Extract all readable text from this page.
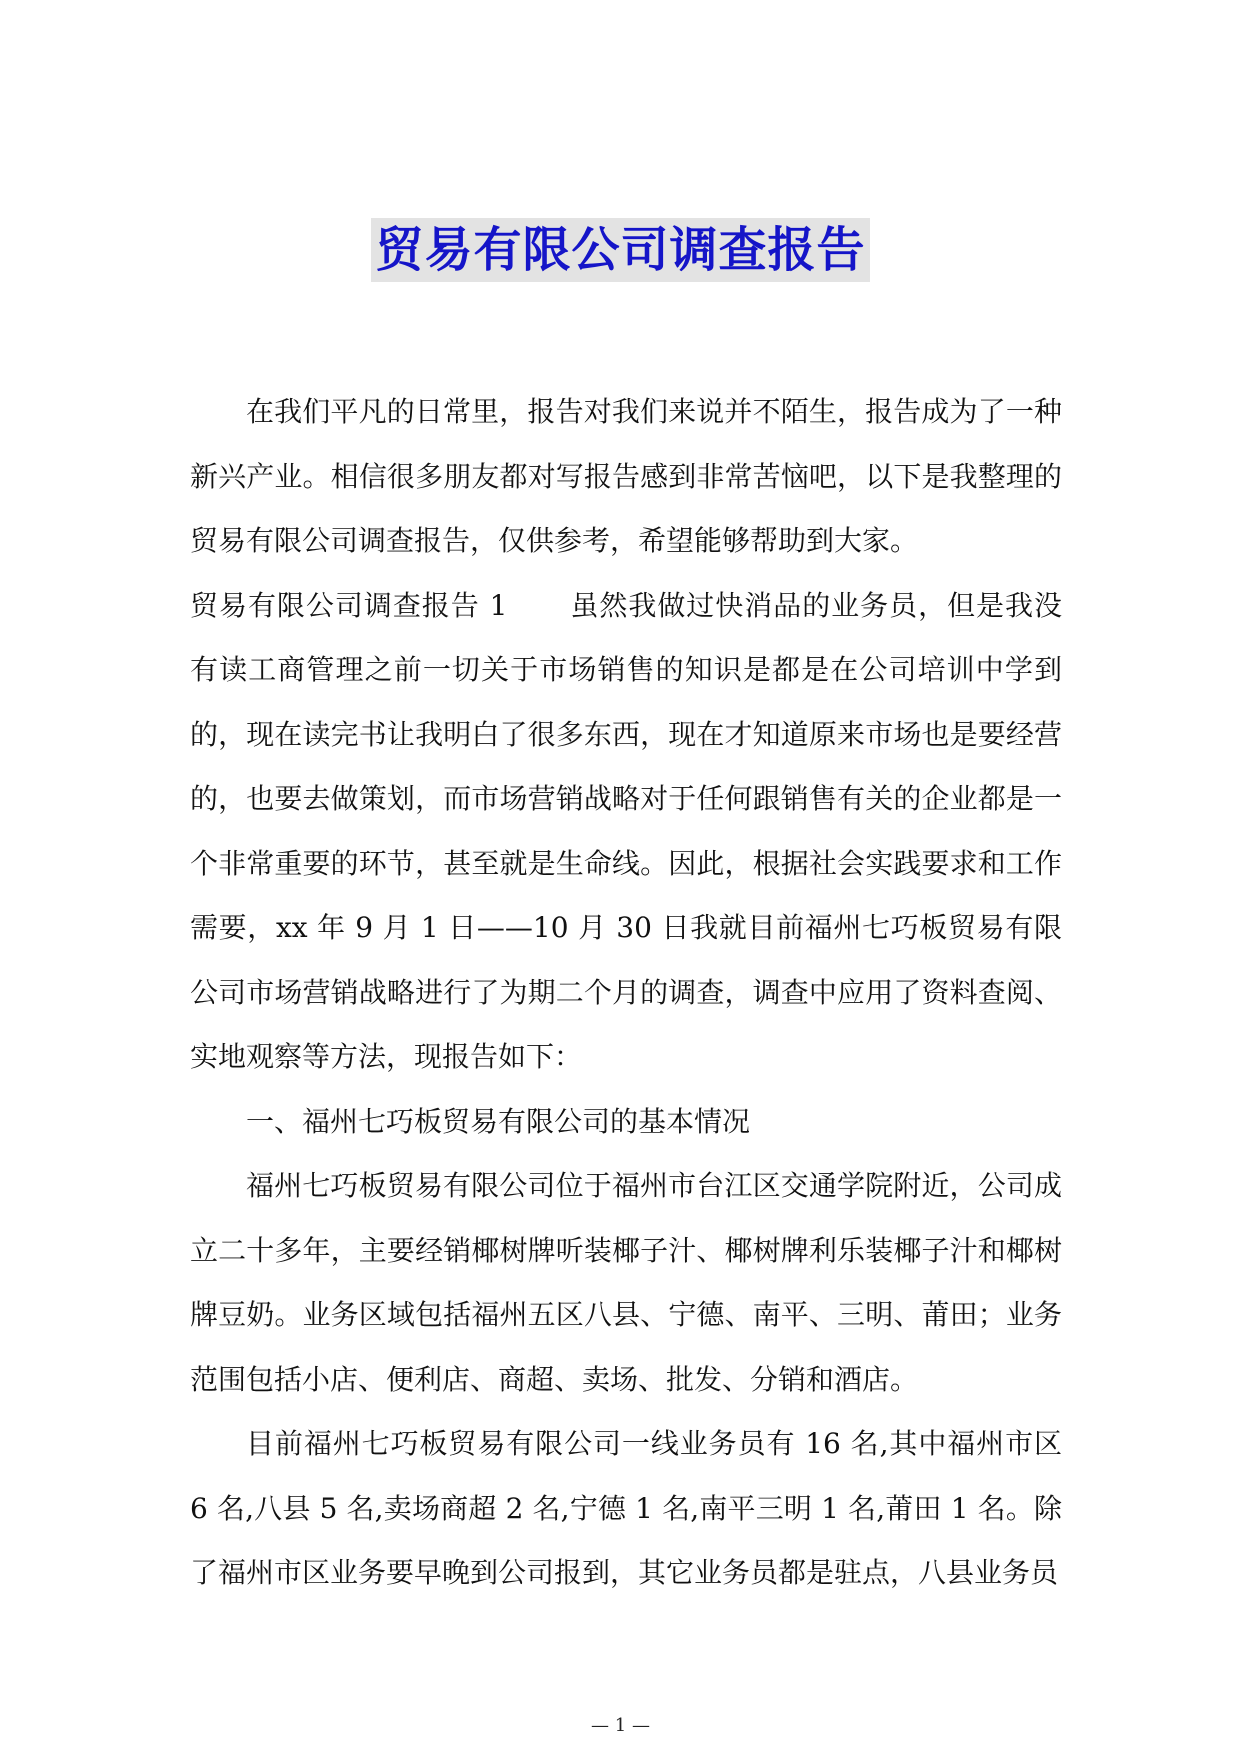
贸易有限公司调查报告

在我们平凡的日常里，报告对我们来说并不陌生，报告成为了一种新兴产业。相信很多朋友都对写报告感到非常苦恼吧，以下是我整理的贸易有限公司调查报告，仅供参考，希望能够帮助到大家。

贸易有限公司调查报告 1 虽然我做过快消品的业务员，但是我没有读工商管理之前一切关于市场销售的知识是都是在公司培训中学到的，现在读完书让我明白了很多东西，现在才知道原来市场也是要经营的，也要去做策划，而市场营销战略对于任何跟销售有关的企业都是一个非常重要的环节，甚至就是生命线。因此，根据社会实践要求和工作需要，xx 年 9 月 1 日——10 月 30 日我就目前福州七巧板贸易有限公司市场营销战略进行了为期二个月的调查，调查中应用了资料查阅、实地观察等方法，现报告如下：

一、福州七巧板贸易有限公司的基本情况

福州七巧板贸易有限公司位于福州市台江区交通学院附近，公司成立二十多年，主要经销椰树牌听装椰子汁、椰树牌利乐装椰子汁和椰树牌豆奶。业务区域包括福州五区八县、宁德、南平、三明、莆田；业务范围包括小店、便利店、商超、卖场、批发、分销和酒店。

目前福州七巧板贸易有限公司一线业务员有 16 名,其中福州市区 6 名,八县 5 名,卖场商超 2 名,宁德 1 名,南平三明 1 名,莆田 1 名。除了福州市区业务要早晚到公司报到，其它业务员都是驻点，八县业务员

— 1 —
